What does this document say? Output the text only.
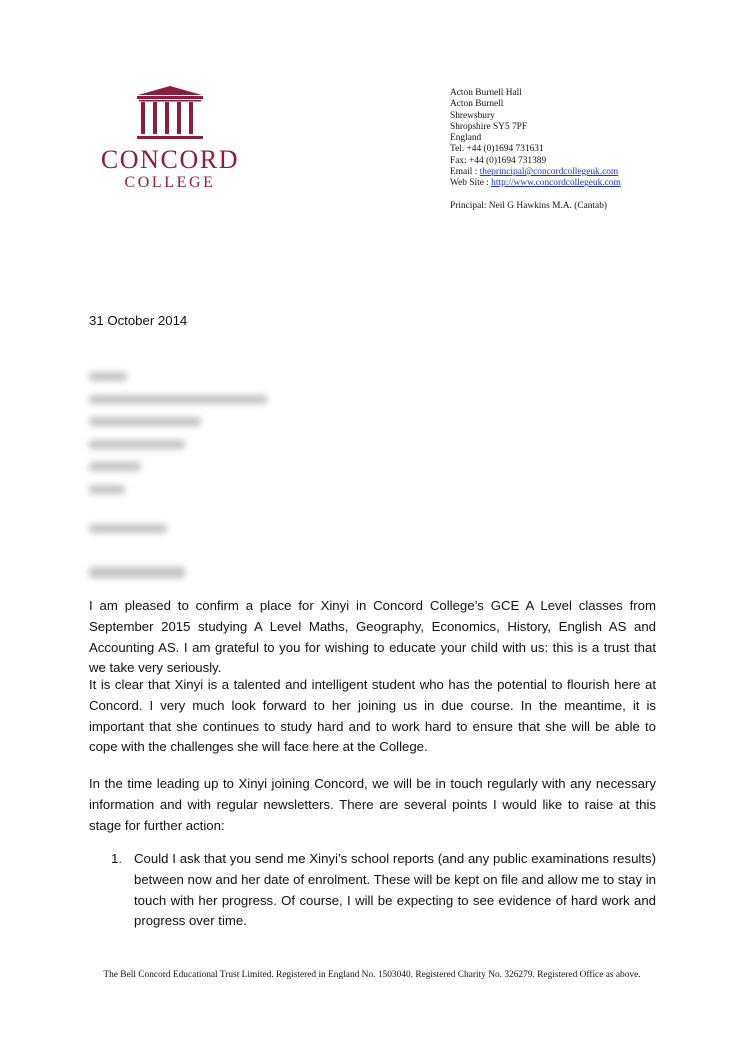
CONCORD
COLLEGE
Acton Burnell Hall
Acton Burnell
Shrewsbury
Shropshire SY5 7PF
England
Tel. +44 (0)1694 731631
Fax: +44 (0)1694 731389
Email : theprincipal@concordcollegeuk.com
Web Site : http://www.concordcollegeuk.com
Principal: Neil G Hawkins M.A. (Cantab)
31 October 2014

I am pleased to confirm a place for Xinyi in Concord College’s GCE A Level classes from September 2015 studying A Level Maths, Geography, Economics, History, English AS and Accounting AS. I am grateful to you for wishing to educate your child with us: this is a trust that we take very seriously.

It is clear that Xinyi is a talented and intelligent student who has the potential to flourish here at Concord. I very much look forward to her joining us in due course. In the meantime, it is important that she continues to study hard and to work hard to ensure that she will be able to cope with the challenges she will face here at the College.

In the time leading up to Xinyi joining Concord, we will be in touch regularly with any necessary information and with regular newsletters. There are several points I would like to raise at this stage for further action:

1. Could I ask that you send me Xinyi’s school reports (and any public examinations results) between now and her date of enrolment. These will be kept on file and allow me to stay in touch with her progress. Of course, I will be expecting to see evidence of hard work and progress over time.
The Bell Concord Educational Trust Limited. Registered in England No. 1503040. Registered Charity No. 326279. Registered Office as above.
